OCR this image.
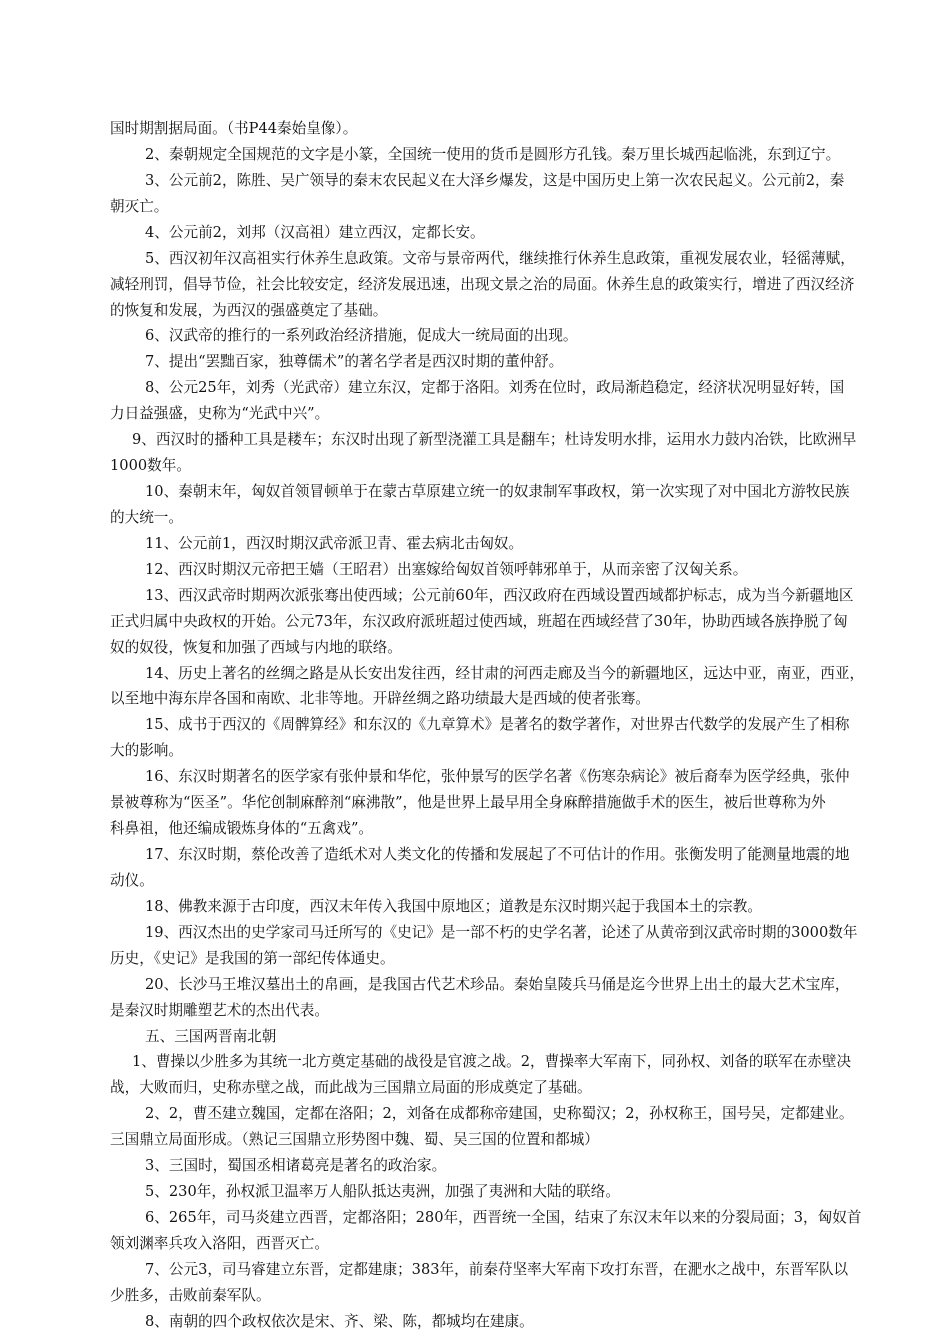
国时期割据局面。（书P44秦始皇像）。
2、秦朝规定全国规范的文字是小篆，全国统一使用的货币是圆形方孔钱。秦万里长城西起临洮，东到辽宁。
3、公元前2，陈胜、吴广领导的秦末农民起义在大泽乡爆发，这是中国历史上第一次农民起义。公元前2，秦
朝灭亡。
4、公元前2，刘邦（汉高祖）建立西汉，定都长安。
5、西汉初年汉高祖实行休养生息政策。文帝与景帝两代，继续推行休养生息政策，重视发展农业，轻徭薄赋，
减轻刑罚，倡导节俭，社会比较安定，经济发展迅速，出现文景之治的局面。休养生息的政策实行，增进了西汉经济
的恢复和发展，为西汉的强盛奠定了基础。
6、汉武帝的推行的一系列政治经济措施，促成大一统局面的出现。
7、提出“罢黜百家，独尊儒术”的著名学者是西汉时期的董仲舒。
8、公元25年，刘秀（光武帝）建立东汉，定都于洛阳。刘秀在位时，政局渐趋稳定，经济状况明显好转，国
力日益强盛，史称为“光武中兴”。
9、西汉时的播种工具是耧车；东汉时出现了新型浇灌工具是翻车；杜诗发明水排，运用水力鼓内冶铁，比欧洲早
1000数年。
10、秦朝末年，匈奴首领冒顿单于在蒙古草原建立统一的奴隶制军事政权，第一次实现了对中国北方游牧民族
的大统一。
11、公元前1，西汉时期汉武帝派卫青、霍去病北击匈奴。
12、西汉时期汉元帝把王嫱（王昭君）出塞嫁给匈奴首领呼韩邪单于，从而亲密了汉匈关系。
13、西汉武帝时期两次派张骞出使西域；公元前60年，西汉政府在西域设置西域都护标志，成为当今新疆地区
正式归属中央政权的开始。公元73年，东汉政府派班超过使西域，班超在西域经营了30年，协助西域各族挣脱了匈
奴的奴役，恢复和加强了西域与内地的联络。
14、历史上著名的丝绸之路是从长安出发往西，经甘肃的河西走廊及当今的新疆地区，远达中亚，南亚，西亚，
以至地中海东岸各国和南欧、北非等地。开辟丝绸之路功绩最大是西域的使者张骞。
15、成书于西汉的《周髀算经》和东汉的《九章算术》是著名的数学著作，对世界古代数学的发展产生了相称
大的影响。
16、东汉时期著名的医学家有张仲景和华佗，张仲景写的医学名著《伤寒杂病论》被后裔奉为医学经典，张仲
景被尊称为“医圣”。华佗创制麻醉剂“麻沸散”，他是世界上最早用全身麻醉措施做手术的医生，被后世尊称为外
科鼻祖，他还编成锻炼身体的“五禽戏”。
17、东汉时期，蔡伦改善了造纸术对人类文化的传播和发展起了不可估计的作用。张衡发明了能测量地震的地
动仪。
18、佛教来源于古印度，西汉末年传入我国中原地区；道教是东汉时期兴起于我国本土的宗教。
19、西汉杰出的史学家司马迁所写的《史记》是一部不朽的史学名著，论述了从黄帝到汉武帝时期的3000数年
历史，《史记》是我国的第一部纪传体通史。
20、长沙马王堆汉墓出土的帛画，是我国古代艺术珍品。秦始皇陵兵马俑是迄今世界上出土的最大艺术宝库，
是秦汉时期雕塑艺术的杰出代表。
五、三国两晋南北朝
1、曹操以少胜多为其统一北方奠定基础的战役是官渡之战。2，曹操率大军南下，同孙权、刘备的联军在赤壁决
战，大败而归，史称赤壁之战，而此战为三国鼎立局面的形成奠定了基础。
2、2，曹丕建立魏国，定都在洛阳；2，刘备在成都称帝建国，史称蜀汉；2，孙权称王，国号吴，定都建业。
三国鼎立局面形成。（熟记三国鼎立形势图中魏、蜀、吴三国的位置和都城）
3、三国时，蜀国丞相诸葛亮是著名的政治家。
5、230年，孙权派卫温率万人船队抵达夷洲，加强了夷洲和大陆的联络。
6、265年，司马炎建立西晋，定都洛阳；280年，西晋统一全国，结束了东汉末年以来的分裂局面；3，匈奴首
领刘渊率兵攻入洛阳，西晋灭亡。
7、公元3，司马睿建立东晋，定都建康；383年，前秦苻坚率大军南下攻打东晋，在淝水之战中，东晋军队以
少胜多，击败前秦军队。
8、南朝的四个政权依次是宋、齐、梁、陈，都城均在建康。
